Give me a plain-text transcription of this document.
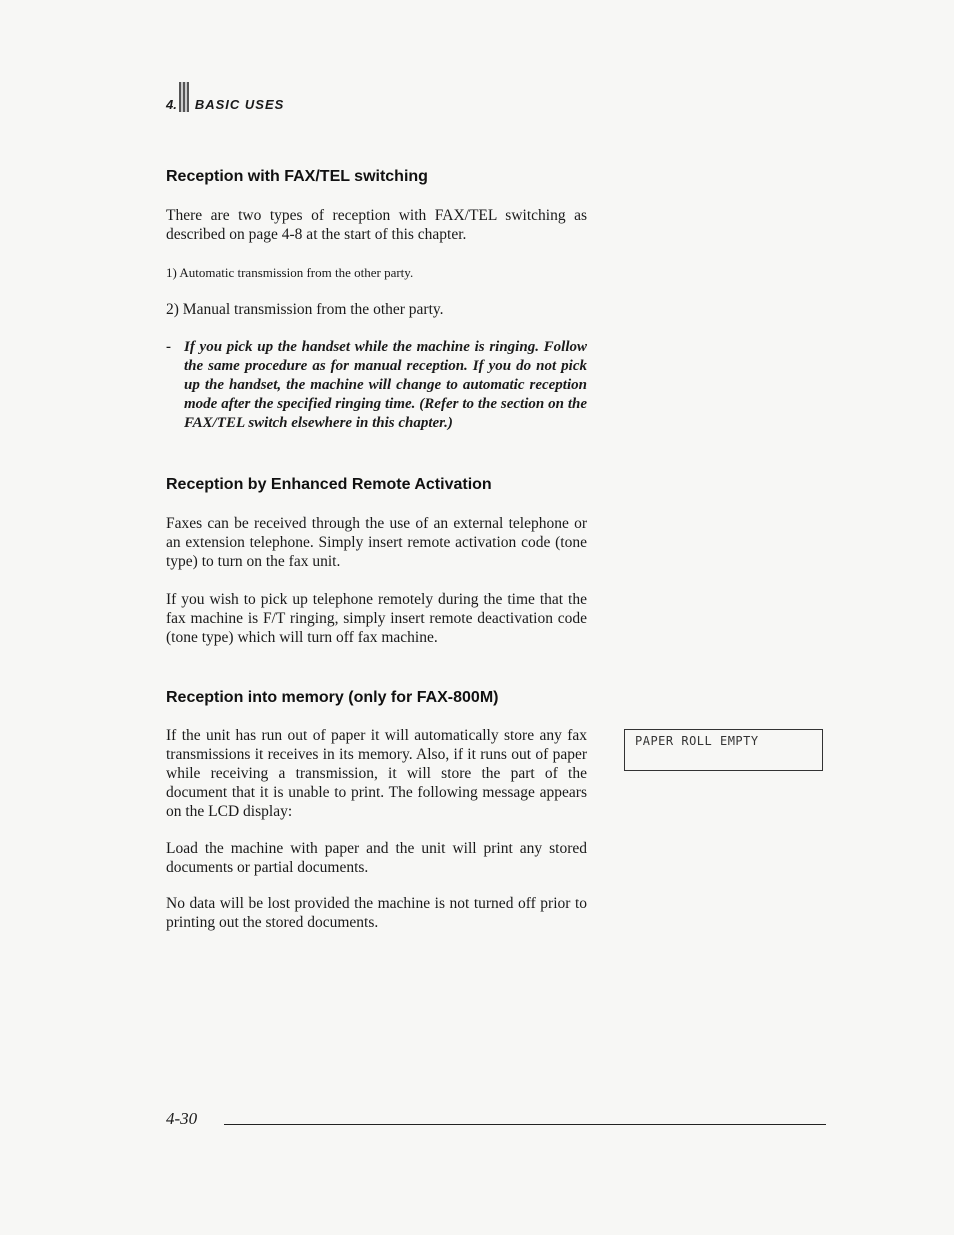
4. BASIC USES
Reception with FAX/TEL switching

There are two types of reception with FAX/TEL switching as described on page 4-8 at the start of this chapter.

1) Automatic transmission from the other party.

2) Manual transmission from the other party.

- If you pick up the handset while the machine is ringing. Follow the same procedure as for manual reception. If you do not pick up the handset, the machine will change to automatic reception mode after the specified ringing time. (Refer to the section on the FAX/TEL switch elsewhere in this chapter.)
Reception by Enhanced Remote Activation

Faxes can be received through the use of an external telephone or an extension telephone. Simply insert remote activation code (tone type) to turn on the fax unit.

If you wish to pick up telephone remotely during the time that the fax machine is F/T ringing, simply insert remote deactivation code (tone type) which will turn off fax machine.

Reception into memory (only for FAX-800M)

If the unit has run out of paper it will automatically store any fax transmissions it receives in its memory. Also, if it runs out of paper while receiving a transmission, it will store the part of the document that it is unable to print. The following message appears on the LCD display:

PAPER ROLL EMPTY

Load the machine with paper and the unit will print any stored documents or partial documents.

No data will be lost provided the machine is not turned off prior to printing out the stored documents.

4-30
